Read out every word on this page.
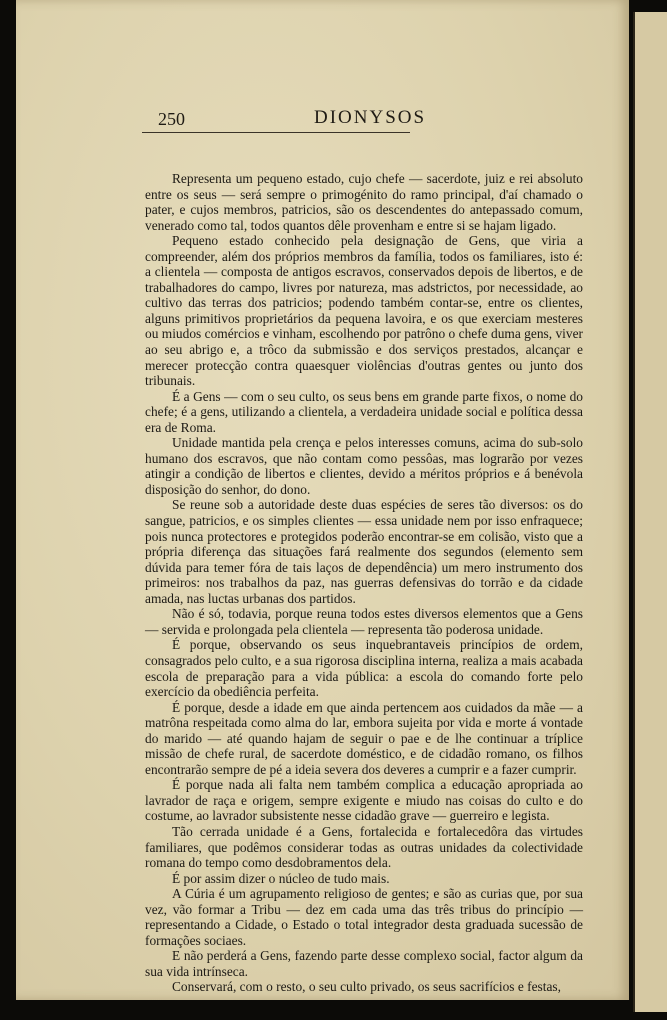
250	DIONYSOS

Representa um pequeno estado, cujo chefe — sacerdote, juiz e rei absoluto entre os seus — será sempre o primogénito do ramo principal, d'aí chamado o pater, e cujos membros, patricios, são os descendentes do antepassado comum, venerado como tal, todos quantos dêle provenham e entre si se hajam ligado.

Pequeno estado conhecido pela designação de Gens, que viria a compreender, além dos próprios membros da família, todos os familiares, isto é: a clientela — composta de antigos escravos, conservados depois de libertos, e de trabalhadores do campo, livres por natureza, mas adstrictos, por necessidade, ao cultivo das terras dos patricios; podendo também contar-se, entre os clientes, alguns primitivos proprietários da pequena lavoira, e os que exerciam mesteres ou miudos comércios e vinham, escolhendo por patrôno o chefe duma gens, viver ao seu abrigo e, a trôco da submissão e dos serviços prestados, alcançar e merecer protecção contra quaesquer violências d'outras gentes ou junto dos tribunais.

É a Gens — com o seu culto, os seus bens em grande parte fixos, o nome do chefe; é a gens, utilizando a clientela, a verdadeira unidade social e política dessa era de Roma.

Unidade mantida pela crença e pelos interesses comuns, acima do sub-solo humano dos escravos, que não contam como pessôas, mas lograrão por vezes atingir a condição de libertos e clientes, devido a méritos próprios e á benévola disposição do senhor, do dono.

Se reune sob a autoridade deste duas espécies de seres tão diversos: os do sangue, patricios, e os simples clientes — essa unidade nem por isso enfraquece; pois nunca protectores e protegidos poderão encontrar-se em colisão, visto que a própria diferença das situações fará realmente dos segundos (elemento sem dúvida para temer fóra de tais laços de dependência) um mero instrumento dos primeiros: nos trabalhos da paz, nas guerras defensivas do torrão e da cidade amada, nas luctas urbanas dos partidos.

Não é só, todavia, porque reuna todos estes diversos elementos que a Gens — servida e prolongada pela clientela — representa tão poderosa unidade.

É porque, observando os seus inquebrantaveis princípios de ordem, consagrados pelo culto, e a sua rigorosa disciplina interna, realiza a mais acabada escola de preparação para a vida pública: a escola do comando forte pelo exercício da obediência perfeita.

É porque, desde a idade em que ainda pertencem aos cuidados da mãe — a matrôna respeitada como alma do lar, embora sujeita por vida e morte á vontade do marido — até quando hajam de seguir o pae e de lhe continuar a tríplice missão de chefe rural, de sacerdote doméstico, e de cidadão romano, os filhos encontrarão sempre de pé a ideia severa dos deveres a cumprir e a fazer cumprir.

É porque nada ali falta nem também complica a educação apropriada ao lavrador de raça e origem, sempre exigente e miudo nas coisas do culto e do costume, ao lavrador subsistente nesse cidadão grave — guerreiro e legista.

Tão cerrada unidade é a Gens, fortalecida e fortalecedôra das virtudes familiares, que podêmos considerar todas as outras unidades da colectividade romana do tempo como desdobramentos dela.

É por assim dizer o núcleo de tudo mais.

A Cúria é um agrupamento religioso de gentes; e são as curias que, por sua vez, vão formar a Tribu — dez em cada uma das três tribus do princípio — representando a Cidade, o Estado o total integrador desta graduada sucessão de formações sociaes.

E não perderá a Gens, fazendo parte desse complexo social, factor algum da sua vida intrínseca.

Conservará, com o resto, o seu culto privado, os seus sacrifícios e festas,
